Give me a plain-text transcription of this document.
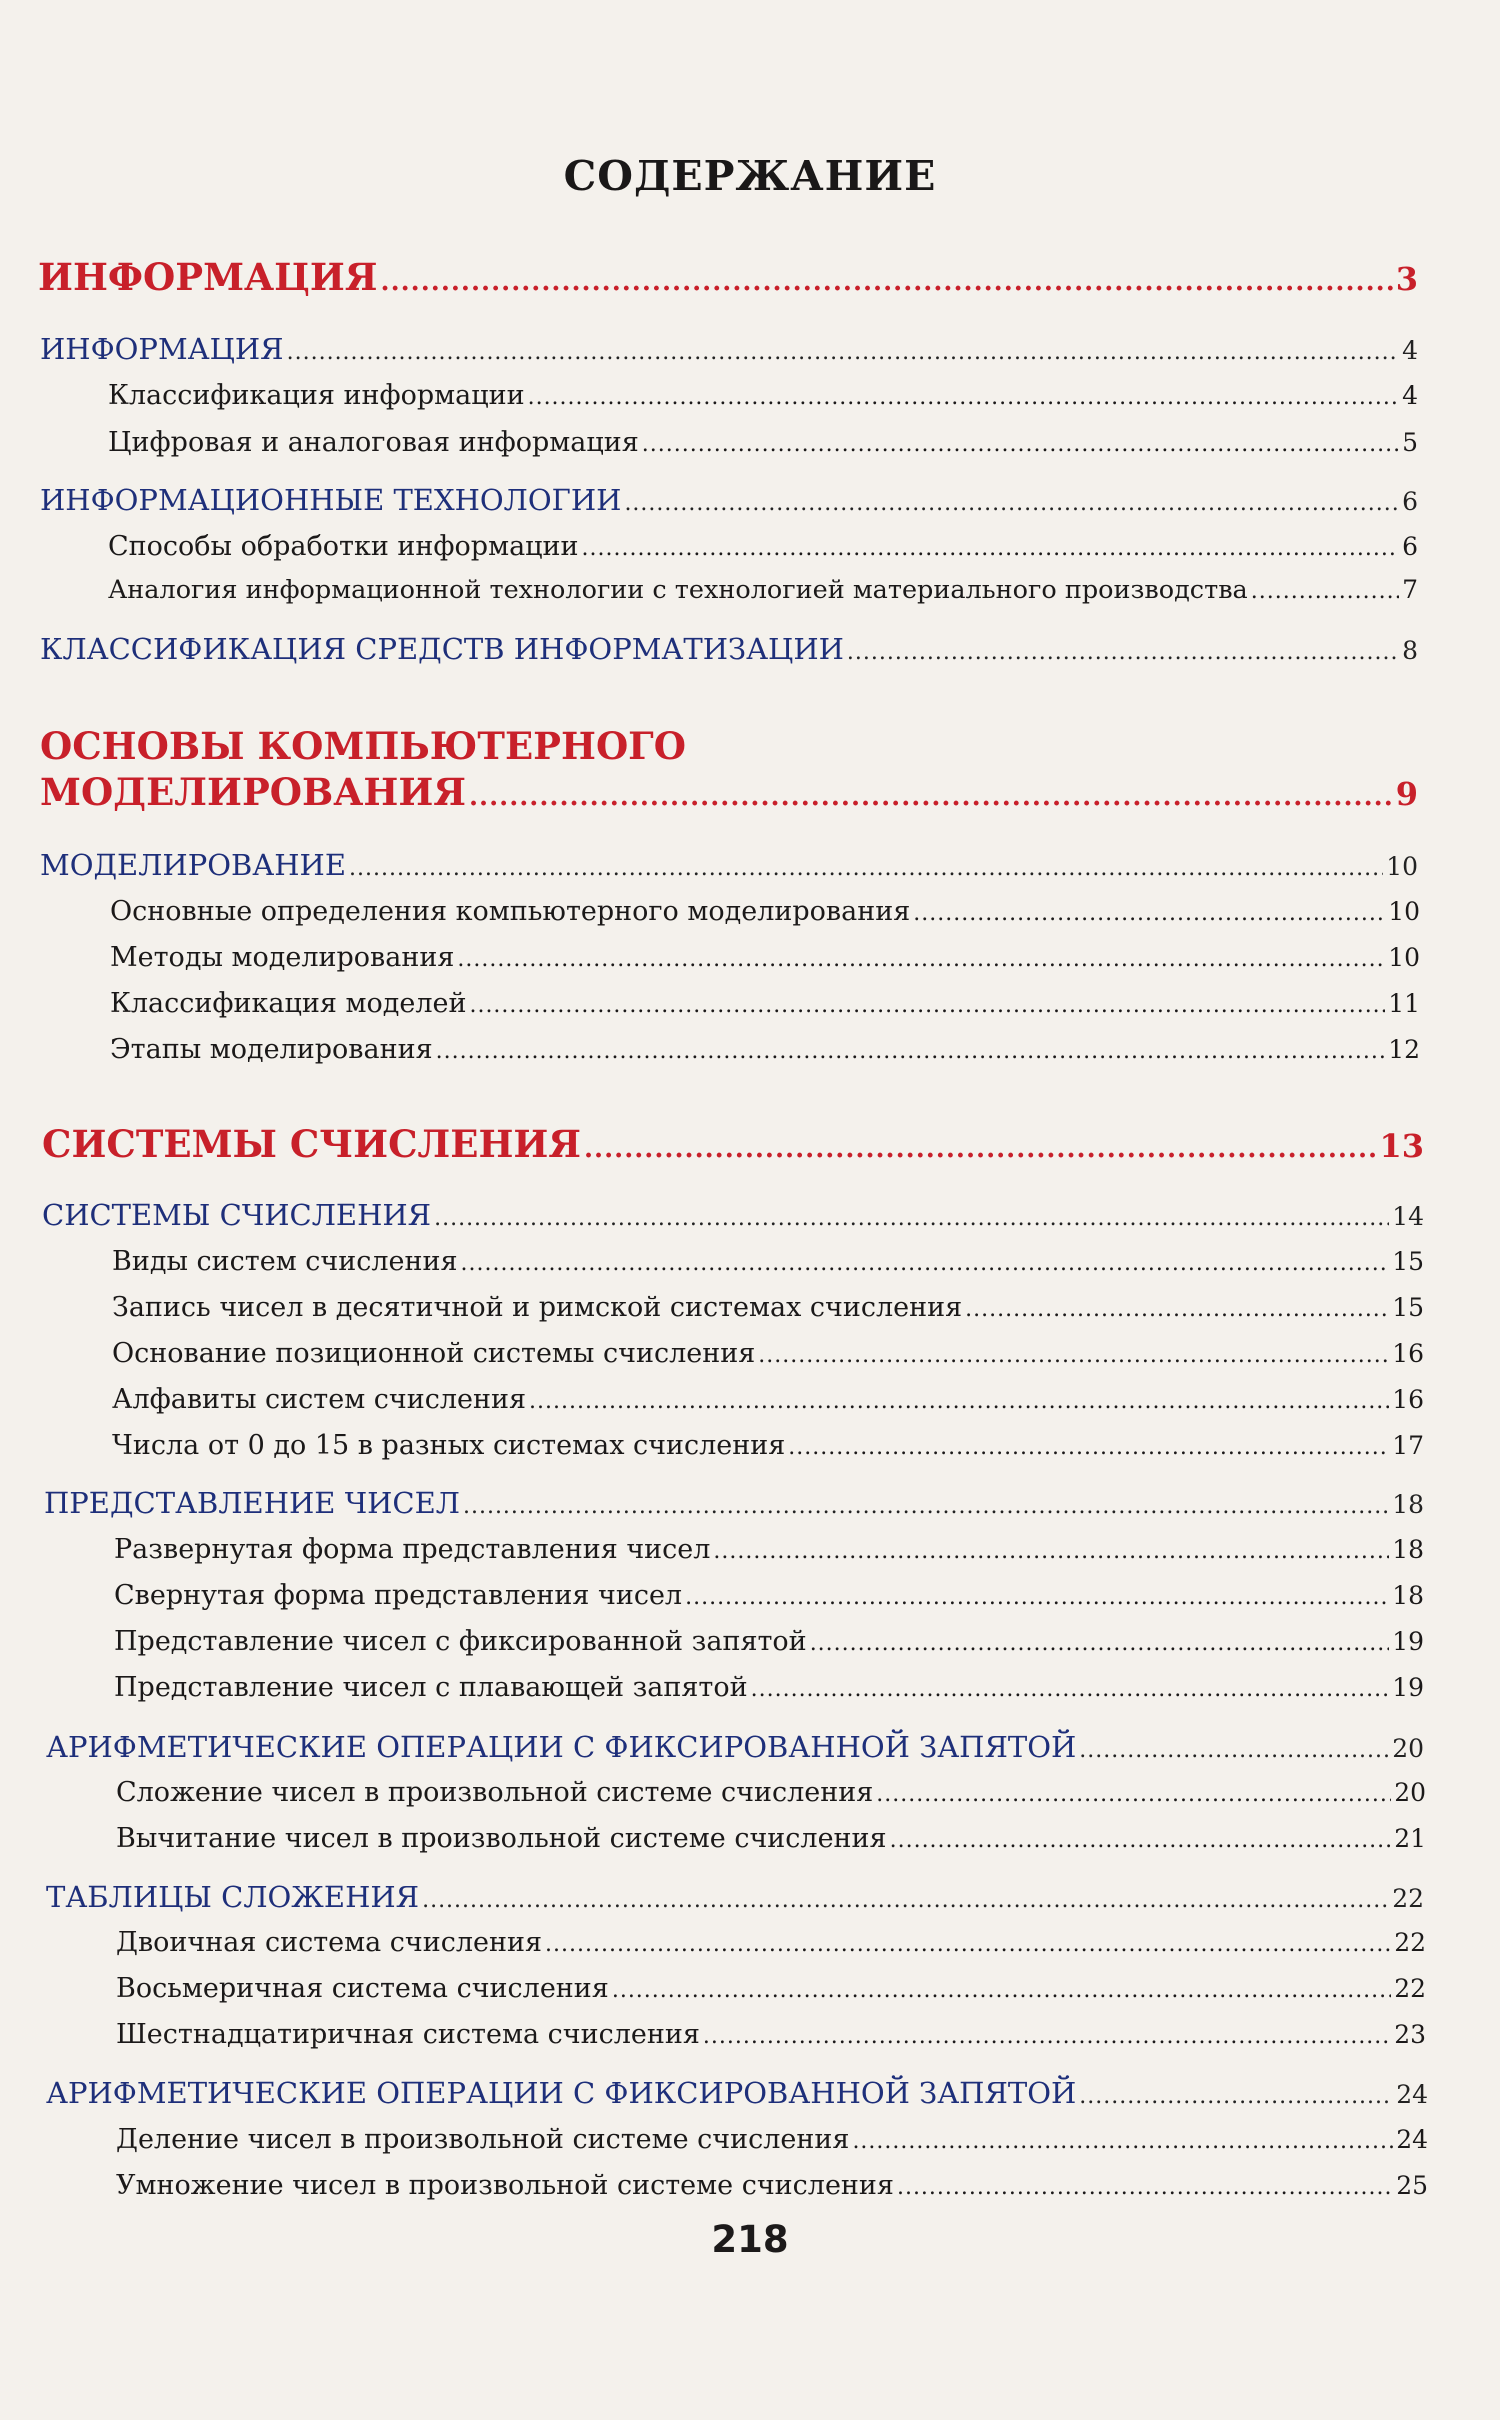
СОДЕРЖАНИЕ
ИНФОРМАЦИЯ .....	3
ИНФОРМАЦИЯ .....	4
Классификация информации .....	4
Цифровая и аналоговая информация .....	5
ИНФОРМАЦИОННЫЕ ТЕХНОЛОГИИ .....	6
Способы обработки информации .....	6
Аналогия информационной технологии с технологией материального производства .....	7
КЛАССИФИКАЦИЯ СРЕДСТВ ИНФОРМАТИЗАЦИИ .....	8
ОСНОВЫ КОМПЬЮТЕРНОГО
МОДЕЛИРОВАНИЯ .....	9
МОДЕЛИРОВАНИЕ .....	10
Основные определения компьютерного моделирования .....	10
Методы моделирования .....	10
Классификация моделей .....	11
Этапы моделирования .....	12
СИСТЕМЫ СЧИСЛЕНИЯ .....	13
СИСТЕМЫ СЧИСЛЕНИЯ .....	14
Виды систем счисления .....	15
Запись чисел в десятичной и римской системах счисления .....	15
Основание позиционной системы счисления .....	16
Алфавиты систем счисления .....	16
Числа от 0 до 15 в разных системах счисления .....	17
ПРЕДСТАВЛЕНИЕ ЧИСЕЛ .....	18
Развернутая форма представления чисел .....	18
Свернутая форма представления чисел .....	18
Представление чисел с фиксированной запятой .....	19
Представление чисел с плавающей запятой .....	19
АРИФМЕТИЧЕСКИЕ ОПЕРАЦИИ С ФИКСИРОВАННОЙ ЗАПЯТОЙ .....	20
Сложение чисел в произвольной системе счисления .....	20
Вычитание чисел в произвольной системе счисления .....	21
ТАБЛИЦЫ СЛОЖЕНИЯ .....	22
Двоичная система счисления .....	22
Восьмеричная система счисления .....	22
Шестнадцатиричная система счисления .....	23
АРИФМЕТИЧЕСКИЕ ОПЕРАЦИИ С ФИКСИРОВАННОЙ ЗАПЯТОЙ .....	24
Деление чисел в произвольной системе счисления .....	24
Умножение чисел в произвольной системе счисления .....	25
218
